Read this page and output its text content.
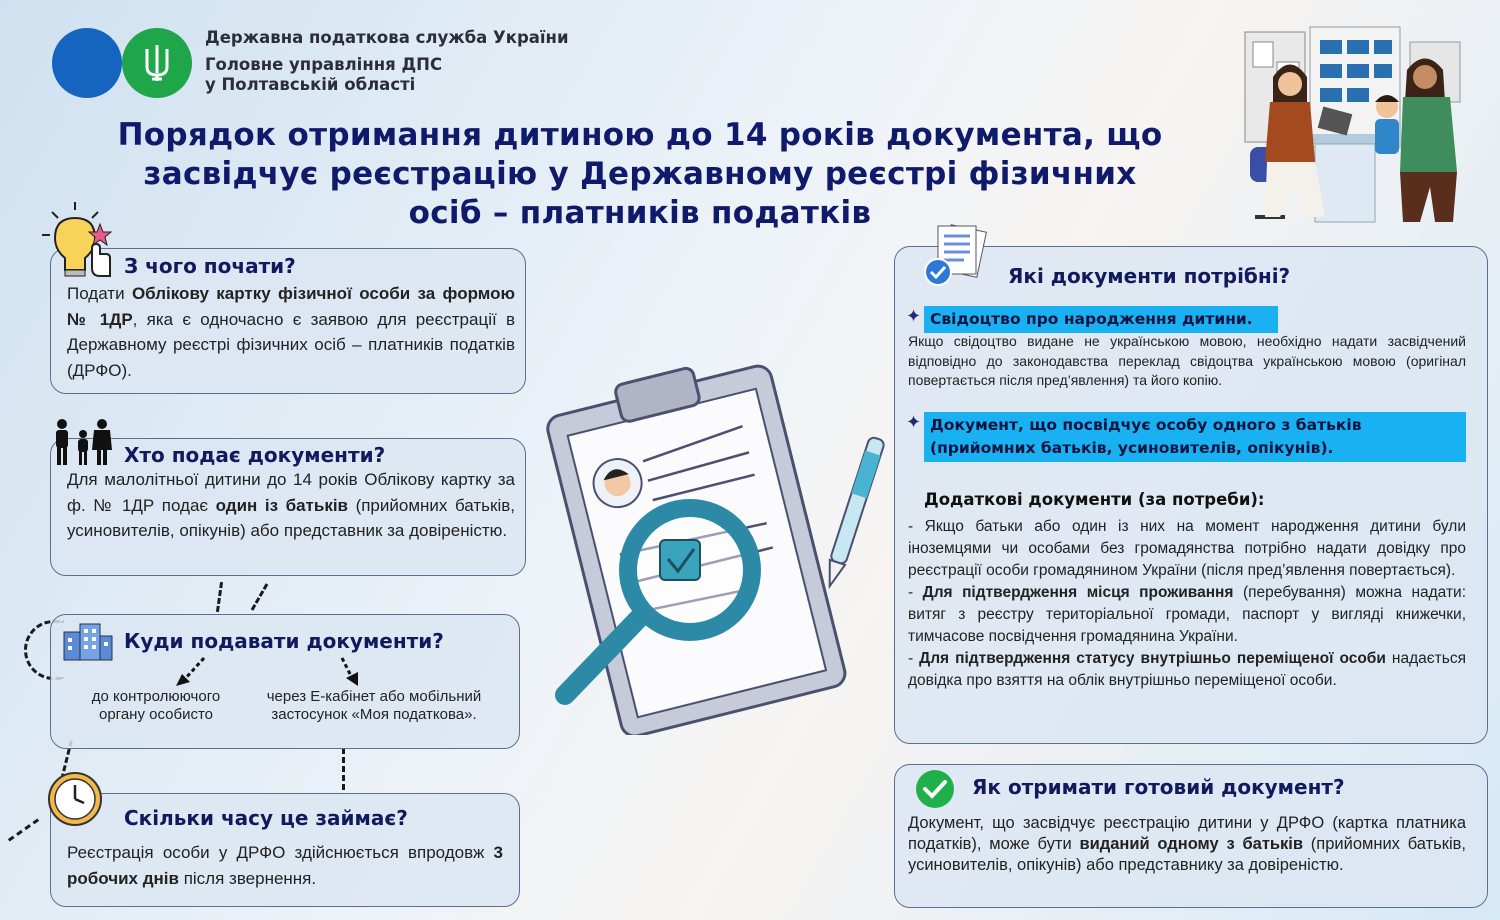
Державна податкова служба України
Головне управління ДПС
у Полтавській області
Порядок отримання дитиною до 14 років документа, що
засвідчує реєстрацію у Державному реєстрі фізичних
осіб – платників податків
З чого почати?
Подати Облікову картку фізичної особи за формою № 1ДР, яка є одночасно є заявою для реєстрації в Державному реєстрі фізичних осіб – платників податків (ДРФО).
Хто подає документи?
Для малолітньої дитини до 14 років Облікову картку за ф. № 1ДР подає один із батьків (прийомних батьків, усиновителів, опікунів) або представник за довіреністю.
Куди подавати документи?
до контролюючого органу особисто
через Е-кабінет або мобільний застосунок «Моя податкова».
Скільки часу це займає?
Реєстрація особи у ДРФО здійснюється впродовж 3 робочих днів після звернення.
Які документи потрібні?
✦ Свідоцтво про народження дитини.
Якщо свідоцтво видане не українською мовою, необхідно надати засвідчений відповідно до законодавства переклад свідоцтва українською мовою (оригінал повертається після пред’явлення) та його копію.
✦ Документ, що посвідчує особу одного з батьків
(прийомних батьків, усиновителів, опікунів).
Додаткові документи (за потреби):
- Якщо батьки або один із них на момент народження дитини були іноземцями чи особами без громадянства потрібно надати довідку про реєстрації особи громадянином України (після пред’явлення повертається).
- Для підтвердження місця проживання (перебування) можна надати: витяг з реєстру територіальної громади, паспорт у вигляді книжечки, тимчасове посвідчення громадянина України.
- Для підтвердження статусу внутрішньо переміщеної особи надається довідка про взяття на облік внутрішньо переміщеної особи.
Як отримати готовий документ?
Документ, що засвідчує реєстрацію дитини у ДРФО (картка платника податків), може бути виданий одному з батьків (прийомних батьків, усиновителів, опікунів) або представнику за довіреністю.
